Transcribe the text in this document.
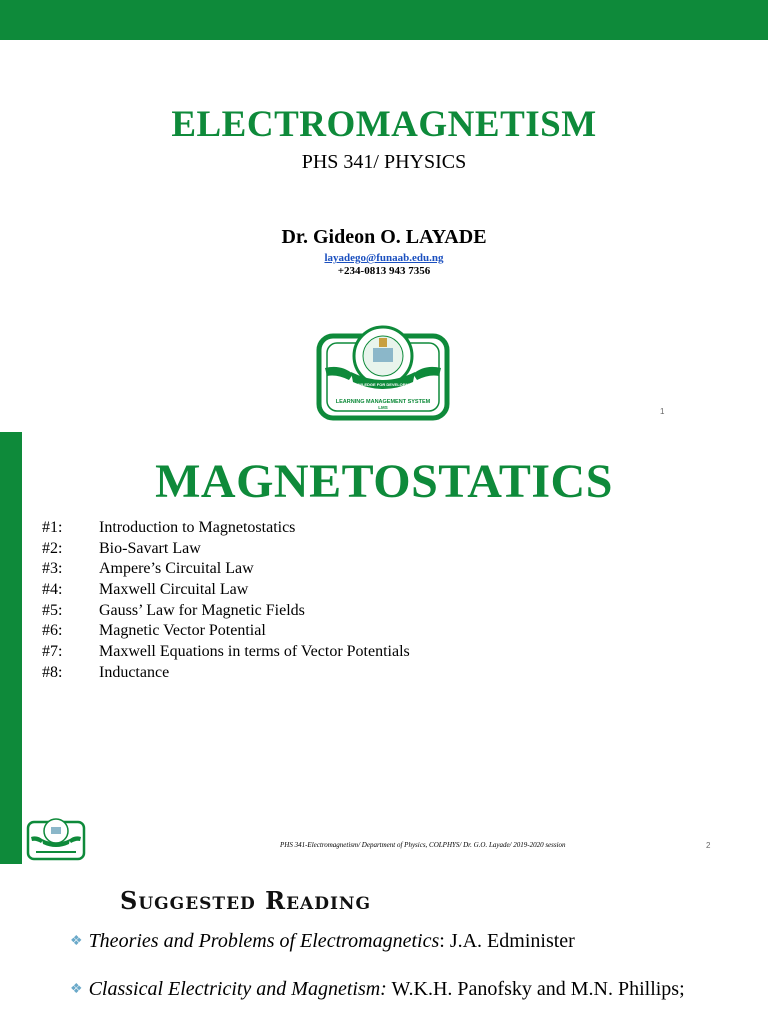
ELECTROMAGNETISM
PHS 341/ PHYSICS
Dr. Gideon O. LAYADE
layadego@funaab.edu.ng
+234-0813 943 7356
KNOWLEDGE FOR DEVELOPMENT
LEARNING MANAGEMENT SYSTEM
LMS	1
MAGNETOSTATICS
#1: Introduction to Magnetostatics
#2: Bio-Savart Law
#3: Ampere’s Circuital Law
#4: Maxwell Circuital Law
#5: Gauss’ Law for Magnetic Fields
#6: Magnetic Vector Potential
#7: Maxwell Equations in terms of Vector Potentials
#8: Inductance
PHS 341-Electromagnetism/ Department of Physics, COLPHYS/ Dr. G.O. Layade/ 2019-2020 session	2
Suggested Reading
❖ Theories and Problems of Electromagnetics: J.A. Edminister
❖ Classical Electricity and Magnetism: W.K.H. Panofsky and M.N. Phillips;
